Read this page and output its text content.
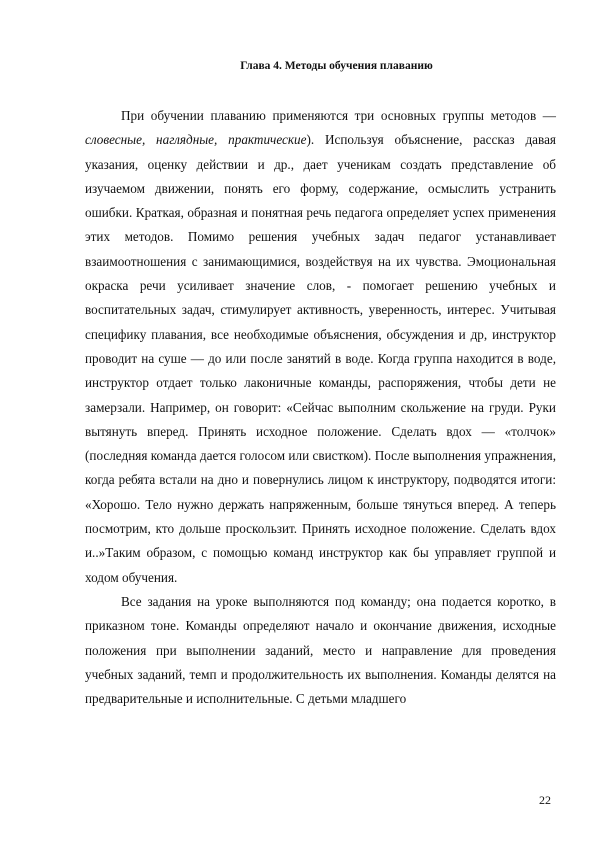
Глава 4. Методы обучения плаванию

При обучении плаванию применяются три основных группы методов — словесные, наглядные, практические). Используя объяснение, рассказ давая указания, оценку действии и др., дает ученикам создать представление об изучаемом движении, понять его форму, содержание, осмыслить устранить ошибки. Краткая, образная и понятная речь педагога определяет успех применения этих методов. Помимо решения учебных задач педагог устанавливает взаимоотношения с занимающимися, воздействуя на их чувства. Эмоциональная окраска речи усиливает значение слов, - помогает решению учебных и воспитательных задач, стимулирует активность, уверенность, интерес. Учитывая специфику плавания, все необходимые объяснения, обсуждения и др, инструктор проводит на суше — до или после занятий в воде. Когда группа находится в воде, инструктор отдает только лаконичные команды, распоряжения, чтобы дети не замерзали. Например, он говорит: «Сейчас выполним скольжение на груди. Руки вытянуть вперед. Принять исходное положение. Сделать вдох — «толчок» (последняя команда дается голосом или свистком). После выполнения упражнения, когда ребята встали на дно и повернулись лицом к инструктору, подводятся итоги: «Хорошо. Тело нужно держать напряженным, больше тянуться вперед. А теперь посмотрим, кто дольше проскользит. Принять исходное положение. Сделать вдох и..»Таким образом, с помощью команд инструктор как бы управляет группой и ходом обучения.

Все задания на уроке выполняются под команду; она подается коротко, в приказном тоне. Команды определяют начало и окончание движения, исходные положения при выполнении заданий, место и направление для проведения учебных заданий, темп и продолжительность их выполнения. Команды делятся на предварительные и исполнительные. С детьми младшего

22
